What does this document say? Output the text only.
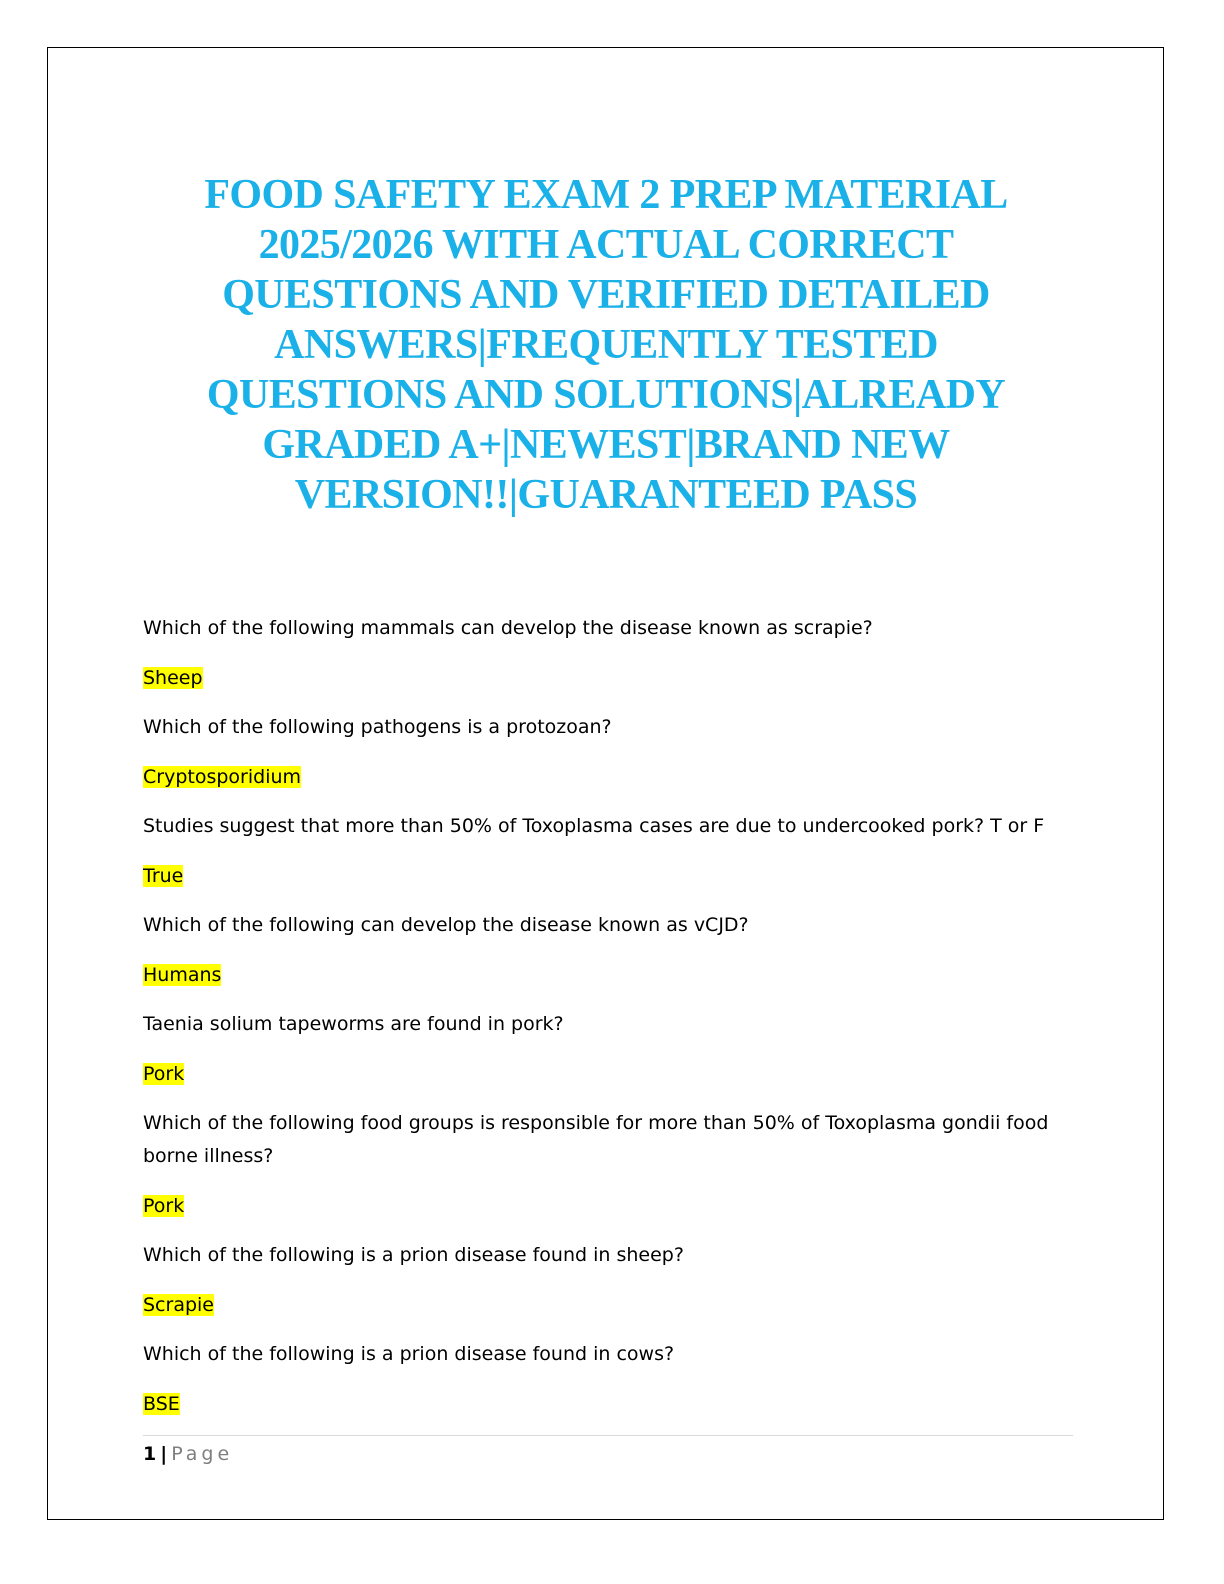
FOOD SAFETY EXAM 2 PREP MATERIAL
2025/2026 WITH ACTUAL CORRECT
QUESTIONS AND VERIFIED DETAILED
ANSWERS|FREQUENTLY TESTED
QUESTIONS AND SOLUTIONS|ALREADY
GRADED A+|NEWEST|BRAND NEW
VERSION!!|GUARANTEED PASS

Which of the following mammals can develop the disease known as scrapie?

Sheep

Which of the following pathogens is a protozoan?

Cryptosporidium

Studies suggest that more than 50% of Toxoplasma cases are due to undercooked pork? T or F

True

Which of the following can develop the disease known as vCJD?

Humans

Taenia solium tapeworms are found in pork?

Pork

Which of the following food groups is responsible for more than 50% of Toxoplasma gondii food borne illness?

Pork

Which of the following is a prion disease found in sheep?

Scrapie

Which of the following is a prion disease found in cows?

BSE

1 | Page
